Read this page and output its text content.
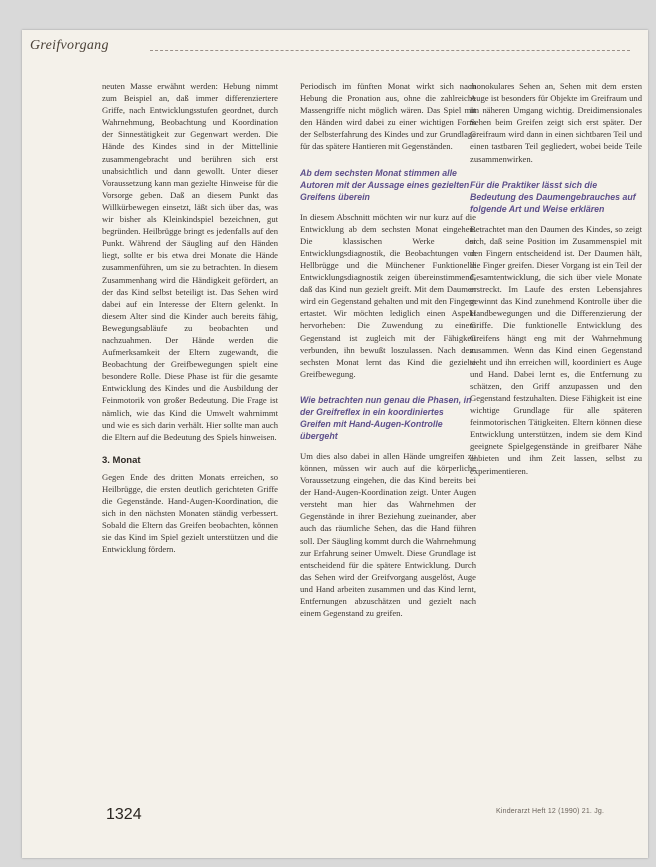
Greifvorgang

neuten Masse erwähnt werden: Hebung nimmt zum Beispiel an, daß immer differenziertere Griffe, nach Entwicklungsstufen geordnet, durch Wahrnehmung, Beobachtung und Koordination der Sinnestätigkeit zur Gegenwart werden. Die Hände des Kindes sind in der Mittellinie zusammengebracht und berühren sich erst unabsichtlich und dann gewollt. Unter dieser Voraussetzung kann man gezielte Hinweise für die Vorsorge geben. Daß an diesem Punkt das Willkürbewegen einsetzt, läßt sich über das, was wir bisher als Kleinkindspiel bezeichnen, gut begründen. Heilbrügge bringt es jedenfalls auf den Punkt. Während der Säugling auf den Händen liegt, sollte er bis etwa drei Monate die Hände zusammenführen, um sie zu betrachten. In diesem Zusammenhang wird die Händigkeit gefördert, an der das Kind selbst beteiligt ist. Das Sehen wird dabei auf ein Interesse der Eltern gelenkt. In diesem Alter sind die Kinder auch bereits fähig, Bewegungsabläufe zu beobachten und nachzuahmen. Der Hände werden die Aufmerksamkeit der Eltern zugewandt, die Beobachtung der Greifbewegungen spielt eine besondere Rolle. Diese Phase ist für die gesamte Entwicklung des Kindes und die Ausbildung der Feinmotorik von großer Bedeutung. Die Frage ist nämlich, wie das Kind die Umwelt wahrnimmt und wie es sich darin verhält. Hier sollte man auch die Eltern auf die Bedeutung des Spiels hinweisen.

3. Monat

Gegen Ende des dritten Monats erreichen, so Heilbrügge, die ersten deutlich gerichteten Griffe die Gegenstände. Hand-Augen-Koordination, die sich in den nächsten Monaten ständig verbessert. Sobald die Eltern das Greifen beobachten, können sie das Kind im Spiel gezielt unterstützen und die Entwicklung fördern.

Periodisch im fünften Monat wirkt sich nach Hebung die Pronation aus, ohne die zahlreiche Massengriffe nicht möglich wären. Das Spiel mit den Händen wird dabei zu einer wichtigen Form der Selbsterfahrung des Kindes und zur Grundlage für das spätere Hantieren mit Gegenständen.

Ab dem sechsten Monat stimmen alle Autoren mit der Aussage eines gezielten Greifens überein

In diesem Abschnitt möchten wir nur kurz auf die Entwicklung ab dem sechsten Monat eingehen. Die klassischen Werke der Entwicklungsdiagnostik, die Beobachtungen von Hellbrügge und die Münchener Funktionelle Entwicklungsdiagnostik zeigen übereinstimmend, daß das Kind nun gezielt greift. Mit dem Daumen wird ein Gegenstand gehalten und mit den Fingern ertastet. Wir möchten lediglich einen Aspekt hervorheben: Die Zuwendung zu einem Gegenstand ist zugleich mit der Fähigkeit verbunden, ihn bewußt loszulassen. Nach dem sechsten Monat lernt das Kind die gezielte Greifbewegung.

Wie betrachten nun genau die Phasen, in der Greifreflex in ein koordiniertes Greifen mit Hand-Augen-Kontrolle übergeht

Um dies also dabei in allen Hände umgreifen zu können, müssen wir auch auf die körperliche Voraussetzung eingehen, die das Kind bereits bei der Hand-Augen-Koordination zeigt. Unter Augen versteht man hier das Wahrnehmen der Gegenstände in ihrer Beziehung zueinander, aber auch das räumliche Sehen, das die Hand führen soll. Der Säugling kommt durch die Wahrnehmung zur Erfahrung seiner Umwelt. Diese Grundlage ist entscheidend für die spätere Entwicklung. Durch das Sehen wird der Greifvorgang ausgelöst, Auge und Hand arbeiten zusammen und das Kind lernt, Entfernungen abzuschätzen und gezielt nach einem Gegenstand zu greifen.

monokulares Sehen an, Sehen mit dem ersten Auge ist besonders für Objekte im Greifraum und im näheren Umgang wichtig. Dreidimensionales Sehen beim Greifen zeigt sich erst später. Der Greifraum wird dann in einen sichtbaren Teil und einen tastbaren Teil gegliedert, wobei beide Teile zusammenwirken.

Für die Praktiker lässt sich die Bedeutung des Daumengebrauches auf folgende Art und Weise erklären

Betrachtet man den Daumen des Kindes, so zeigt sich, daß seine Position im Zusammenspiel mit den Fingern entscheidend ist. Der Daumen hält, die Finger greifen. Dieser Vorgang ist ein Teil der Gesamtentwicklung, die sich über viele Monate erstreckt. Im Laufe des ersten Lebensjahres gewinnt das Kind zunehmend Kontrolle über die Handbewegungen und die Differenzierung der Griffe. Die funktionelle Entwicklung des Greifens hängt eng mit der Wahrnehmung zusammen. Wenn das Kind einen Gegenstand sieht und ihn erreichen will, koordiniert es Auge und Hand. Dabei lernt es, die Entfernung zu schätzen, den Griff anzupassen und den Gegenstand festzuhalten. Diese Fähigkeit ist eine wichtige Grundlage für alle späteren feinmotorischen Tätigkeiten. Eltern können diese Entwicklung unterstützen, indem sie dem Kind geeignete Spielgegenstände in greifbarer Nähe anbieten und ihm Zeit lassen, selbst zu experimentieren.

1324	Kinderarzt Heft 12 (1990) 21. Jg.
